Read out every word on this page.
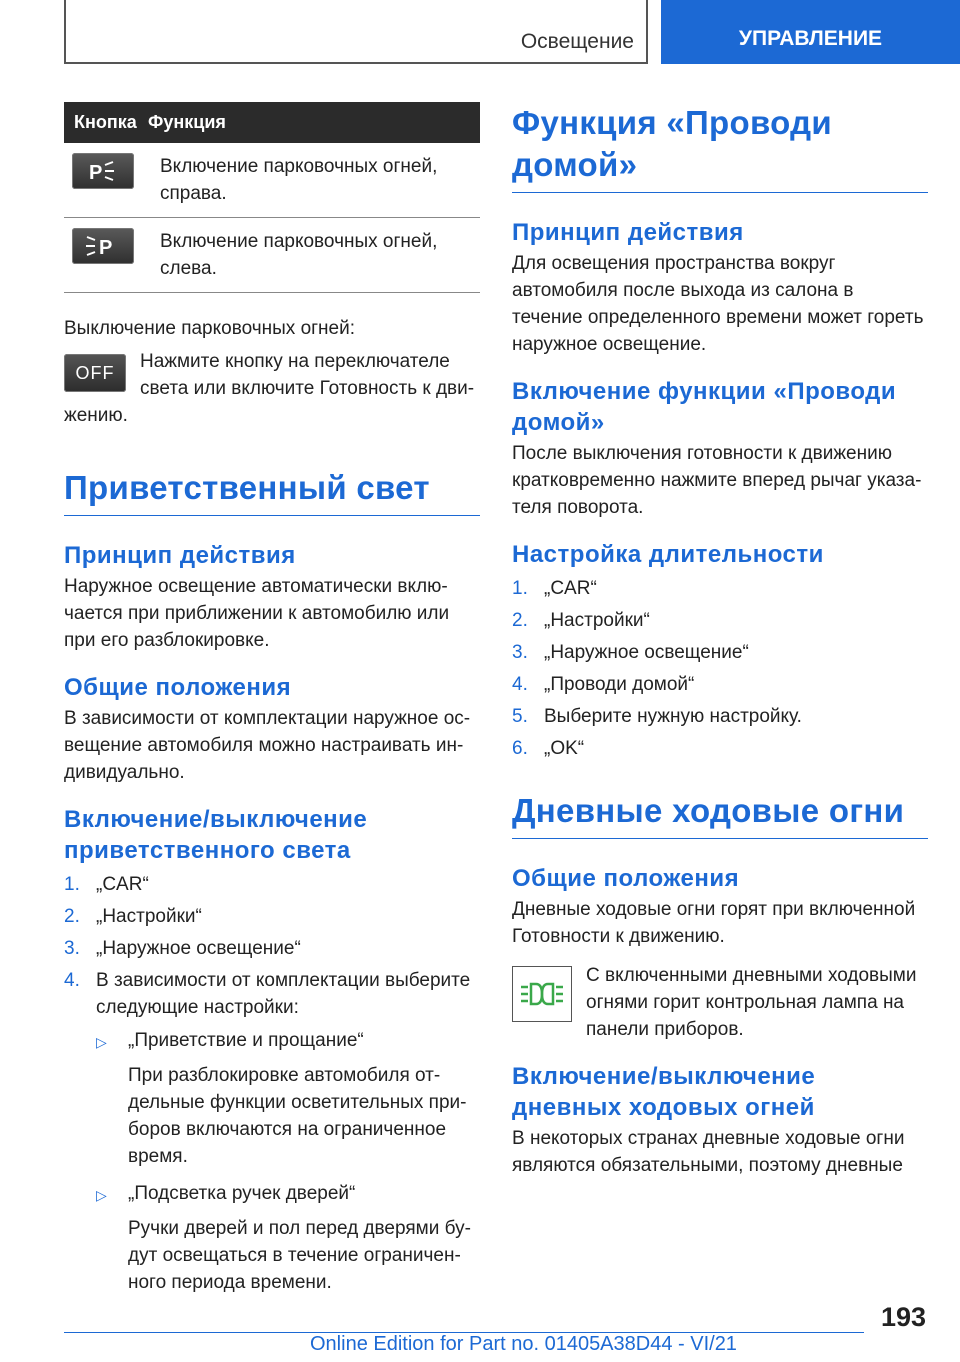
Освещение	УПРАВЛЕНИЕ
Кнопка	Функция

P	Включение парковочных огней, справа.

P	Включение парковочных огней, слева.

Выключение парковочных огней:

OFF

Нажмите кнопку на переключателе света или включите Готовность к движению.

Приветственный свет
Принцип действия

Наружное освещение автоматически включается при приближении к автомобилю или при его разблокировке.

Общие положения

В зависимости от комплектации наружное освещение автомобиля можно настраивать индивидуально.

Включение/выключение приветственного света
1. „CAR“
2. „Настройки“
3. „Наружное освещение“
4. В зависимости от комплектации выберите следующие настройки:
▷	„Приветствие и прощание“

При разблокировке автомобиля отдельные функции осветительных приборов включаются на ограниченное время.

▷	„Подсветка ручек дверей“

Ручки дверей и пол перед дверями будут освещаться в течение ограниченного периода времени.

Функция «Проводи домой»
Принцип действия

Для освещения пространства вокруг автомобиля после выхода из салона в течение определенного времени может гореть наружное освещение.

Включение функции «Проводи домой»

После выключения готовности к движению кратковременно нажмите вперед рычаг указателя поворота.

Настройка длительности
1. „CAR“
2. „Настройки“
3. „Наружное освещение“
4. „Проводи домой“
5. Выберите нужную настройку.
6. „OK“
Дневные ходовые огни
Общие положения

Дневные ходовые огни горят при включенной Готовности к движению.

С включенными дневными ходовыми огнями горит контрольная лампа на панели приборов.

Включение/выключение дневных ходовых огней

В некоторых странах дневные ходовые огни являются обязательными, поэтому дневные

193
Online Edition for Part no. 01405A38D44 - VI/21
